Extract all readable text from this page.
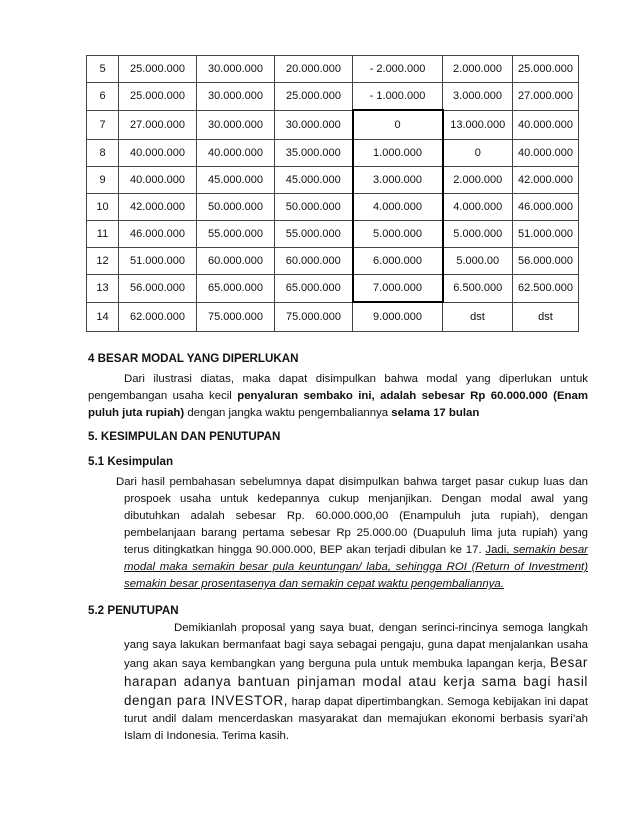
5	25.000.000	30.000.000	20.000.000	- 2.000.000	2.000.000	25.000.000
6	25.000.000	30.000.000	25.000.000	- 1.000.000	3.000.000	27.000.000
7	27.000.000	30.000.000	30.000.000	0	13.000.000	40.000.000
8	40.000.000	40.000.000	35.000.000	1.000.000	0	40.000.000
9	40.000.000	45.000.000	45.000.000	3.000.000	2.000.000	42.000.000
10	42.000.000	50.000.000	50.000.000	4.000.000	4.000.000	46.000.000
11	46.000.000	55.000.000	55.000.000	5.000.000	5.000.000	51.000.000
12	51.000.000	60.000.000	60.000.000	6.000.000	5.000.00	56.000.000
13	56.000.000	65.000.000	65.000.000	7.000.000	6.500.000	62.500.000
14	62.000.000	75.000.000	75.000.000	9.000.000	dst	dst

4 BESAR MODAL YANG DIPERLUKAN

Dari ilustrasi diatas, maka dapat disimpulkan bahwa modal yang diperlukan untuk pengembangan usaha kecil penyaluran sembako ini, adalah sebesar Rp 60.000.000 (Enam puluh juta rupiah) dengan jangka waktu pengembaliannya selama 17 bulan

5. KESIMPULAN DAN PENUTUPAN

5.1 Kesimpulan

Dari hasil pembahasan sebelumnya dapat disimpulkan bahwa target pasar cukup luas dan prospoek usaha untuk kedepannya cukup menjanjikan. Dengan modal awal yang dibutuhkan adalah sebesar Rp. 60.000.000,00 (Enampuluh juta rupiah), dengan pembelanjaan barang pertama sebesar Rp 25.000.00 (Duapuluh lima juta rupiah) yang terus ditingkatkan hingga 90.000.000, BEP akan terjadi dibulan ke 17. Jadi, semakin besar modal maka semakin besar pula keuntungan/ laba, sehingga ROI (Return of Investment) semakin besar prosentasenya dan semakin cepat waktu pengembaliannya.

5.2 PENUTUPAN

Demikianlah proposal yang saya buat, dengan serinci-rincinya semoga langkah yang saya lakukan bermanfaat bagi saya sebagai pengaju, guna dapat menjalankan usaha yang akan saya kembangkan yang berguna pula untuk membuka lapangan kerja, Besar harapan adanya bantuan pinjaman modal atau kerja sama bagi hasil dengan para INVESTOR, harap dapat dipertimbangkan. Semoga kebijakan ini dapat turut andil dalam mencerdaskan masyarakat dan memajukan ekonomi berbasis syari’ah Islam di Indonesia. Terima kasih.
